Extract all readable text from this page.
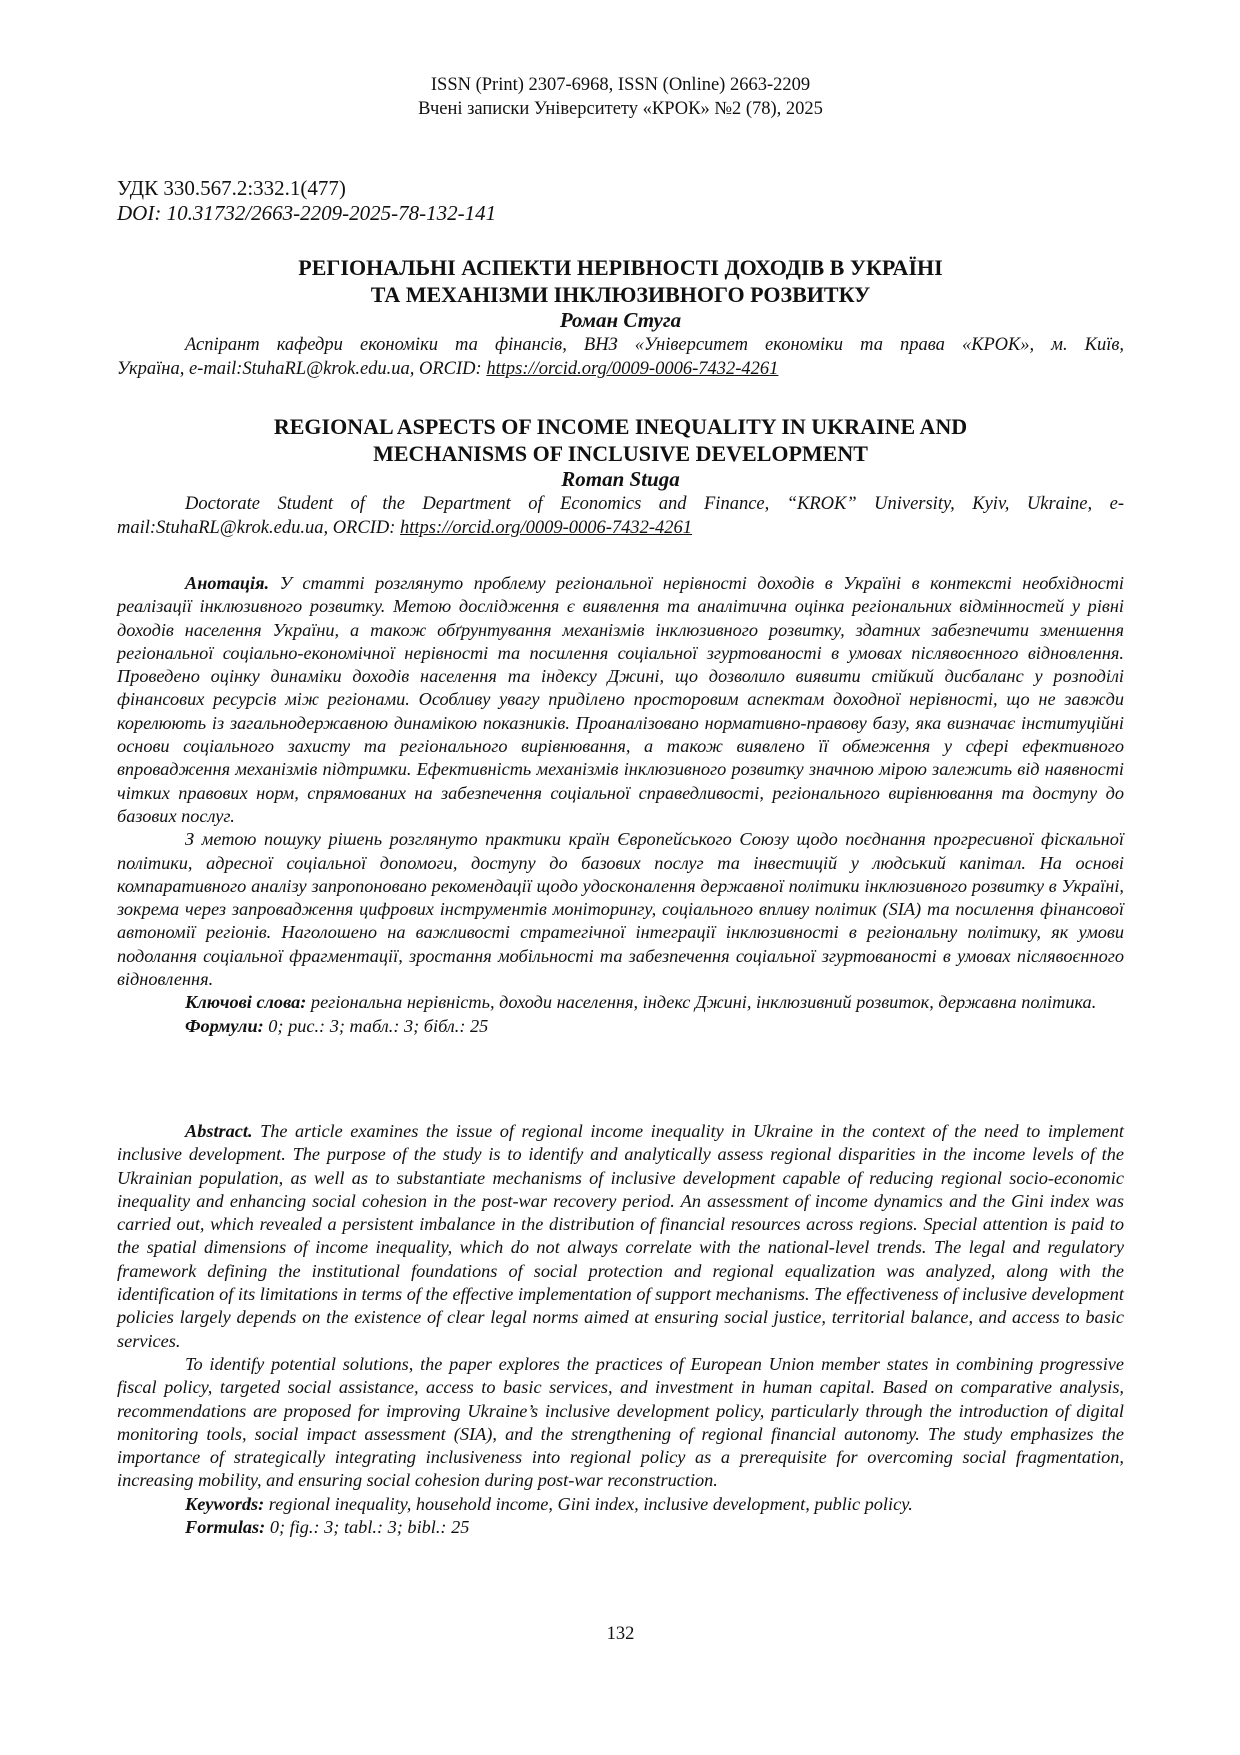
ISSN (Print) 2307-6968, ISSN (Online) 2663-2209
Вчені записки Університету «КРОК» №2 (78), 2025
УДК 330.567.2:332.1(477)
DOI: 10.31732/2663-2209-2025-78-132-141
РЕГІОНАЛЬНІ АСПЕКТИ НЕРІВНОСТІ ДОХОДІВ В УКРАЇНІ
ТА МЕХАНІЗМИ ІНКЛЮЗИВНОГО РОЗВИТКУ
Роман Стуга
Аспірант кафедри економіки та фінансів, ВНЗ «Університет економіки та права «КРОК», м. Київ,
Україна, e-mail:StuhaRL@krok.edu.ua, ORCID: https://orcid.org/0009-0006-7432-4261
REGIONAL ASPECTS OF INCOME INEQUALITY IN UKRAINE AND
MECHANISMS OF INCLUSIVE DEVELOPMENT
Roman Stuga
Doctorate Student of the Department of Economics and Finance, “KROK” University, Kyiv, Ukraine, e-
mail:StuhaRL@krok.edu.ua, ORCID: https://orcid.org/0009-0006-7432-4261

Анотація. У статті розглянуто проблему регіональної нерівності доходів в Україні в контексті необхідності реалізації інклюзивного розвитку. Метою дослідження є виявлення та аналітична оцінка регіональних відмінностей у рівні доходів населення України, а також обґрунтування механізмів інклюзивного розвитку, здатних забезпечити зменшення регіональної соціально-економічної нерівності та посилення соціальної згуртованості в умовах післявоєнного відновлення. Проведено оцінку динаміки доходів населення та індексу Джині, що дозволило виявити стійкий дисбаланс у розподілі фінансових ресурсів між регіонами. Особливу увагу приділено просторовим аспектам доходної нерівності, що не завжди корелюють із загальнодержавною динамікою показників. Проаналізовано нормативно-правову базу, яка визначає інституційні основи соціального захисту та регіонального вирівнювання, а також виявлено її обмеження у сфері ефективного впровадження механізмів підтримки. Ефективність механізмів інклюзивного розвитку значною мірою залежить від наявності чітких правових норм, спрямованих на забезпечення соціальної справедливості, регіонального вирівнювання та доступу до базових послуг.

З метою пошуку рішень розглянуто практики країн Європейського Союзу щодо поєднання прогресивної фіскальної політики, адресної соціальної допомоги, доступу до базових послуг та інвестицій у людський капітал. На основі компаративного аналізу запропоновано рекомендації щодо удосконалення державної політики інклюзивного розвитку в Україні, зокрема через запровадження цифрових інструментів моніторингу, соціального впливу політик (SIA) та посилення фінансової автономії регіонів. Наголошено на важливості стратегічної інтеграції інклюзивності в регіональну політику, як умови подолання соціальної фрагментації, зростання мобільності та забезпечення соціальної згуртованості в умовах післявоєнного відновлення.

Ключові слова: регіональна нерівність, доходи населення, індекс Джині, інклюзивний розвиток, державна політика.

Формули: 0; рис.: 3; табл.: 3; бібл.: 25

Abstract. The article examines the issue of regional income inequality in Ukraine in the context of the need to implement inclusive development. The purpose of the study is to identify and analytically assess regional disparities in the income levels of the Ukrainian population, as well as to substantiate mechanisms of inclusive development capable of reducing regional socio-economic inequality and enhancing social cohesion in the post-war recovery period. An assessment of income dynamics and the Gini index was carried out, which revealed a persistent imbalance in the distribution of financial resources across regions. Special attention is paid to the spatial dimensions of income inequality, which do not always correlate with the national-level trends. The legal and regulatory framework defining the institutional foundations of social protection and regional equalization was analyzed, along with the identification of its limitations in terms of the effective implementation of support mechanisms. The effectiveness of inclusive development policies largely depends on the existence of clear legal norms aimed at ensuring social justice, territorial balance, and access to basic services.

To identify potential solutions, the paper explores the practices of European Union member states in combining progressive fiscal policy, targeted social assistance, access to basic services, and investment in human capital. Based on comparative analysis, recommendations are proposed for improving Ukraine’s inclusive development policy, particularly through the introduction of digital monitoring tools, social impact assessment (SIA), and the strengthening of regional financial autonomy. The study emphasizes the importance of strategically integrating inclusiveness into regional policy as a prerequisite for overcoming social fragmentation, increasing mobility, and ensuring social cohesion during post-war reconstruction.

Keywords: regional inequality, household income, Gini index, inclusive development, public policy.

Formulas: 0; fig.: 3; tabl.: 3; bibl.: 25

132
